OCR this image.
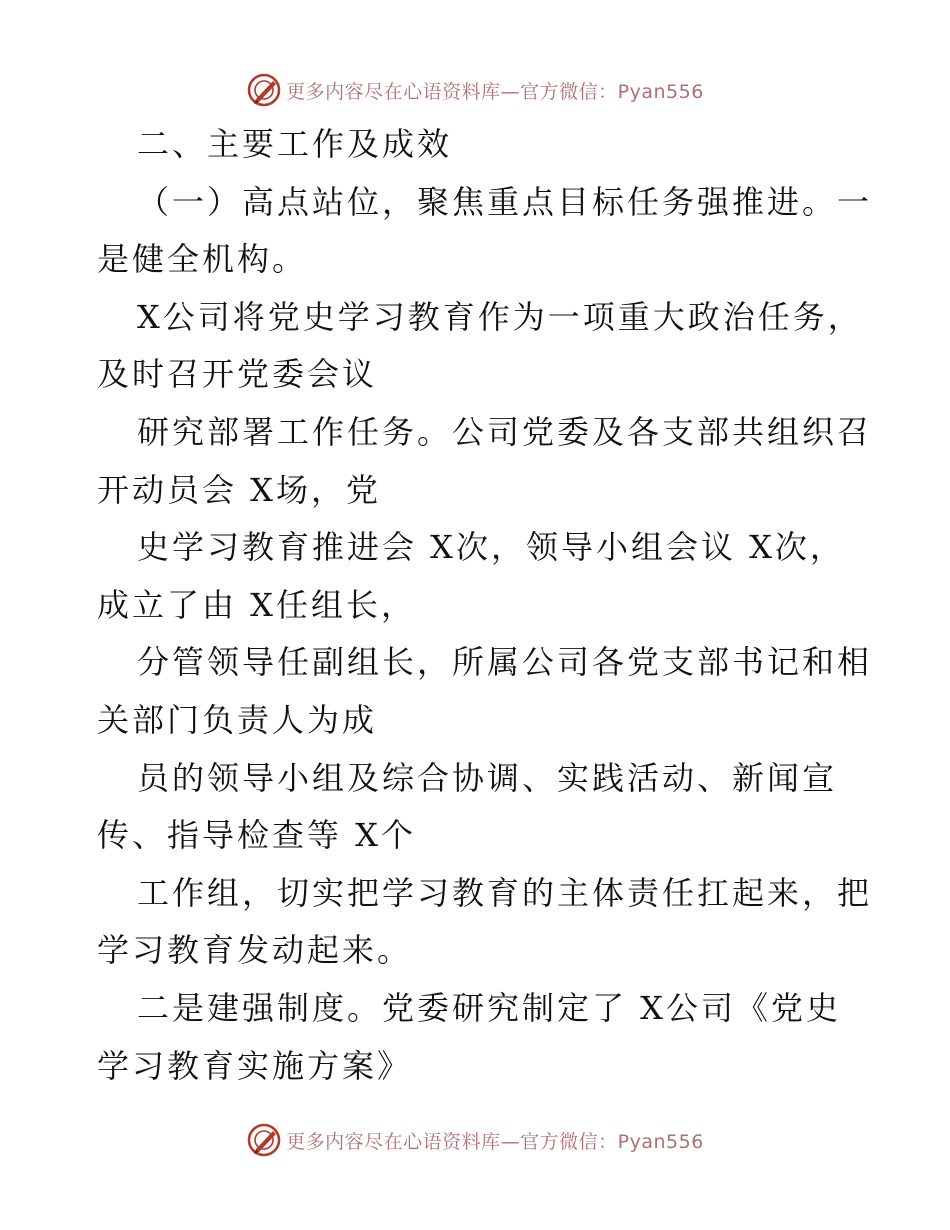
更多内容尽在心语资料库—官方微信：Pyan556
二、主要工作及成效
（一）高点站位，聚焦重点目标任务强推进。一
是健全机构。
X公司将党史学习教育作为一项重大政治任务，
及时召开党委会议
研究部署工作任务。公司党委及各支部共组织召
开动员会 X场，党
史学习教育推进会 X次，领导小组会议 X次，
成立了由 X任组长，
分管领导任副组长，所属公司各党支部书记和相
关部门负责人为成
员的领导小组及综合协调、实践活动、新闻宣
传、指导检查等 X个
工作组，切实把学习教育的主体责任扛起来，把
学习教育发动起来。
二是建强制度。党委研究制定了 X公司《党史
学习教育实施方案》
更多内容尽在心语资料库—官方微信：Pyan556
